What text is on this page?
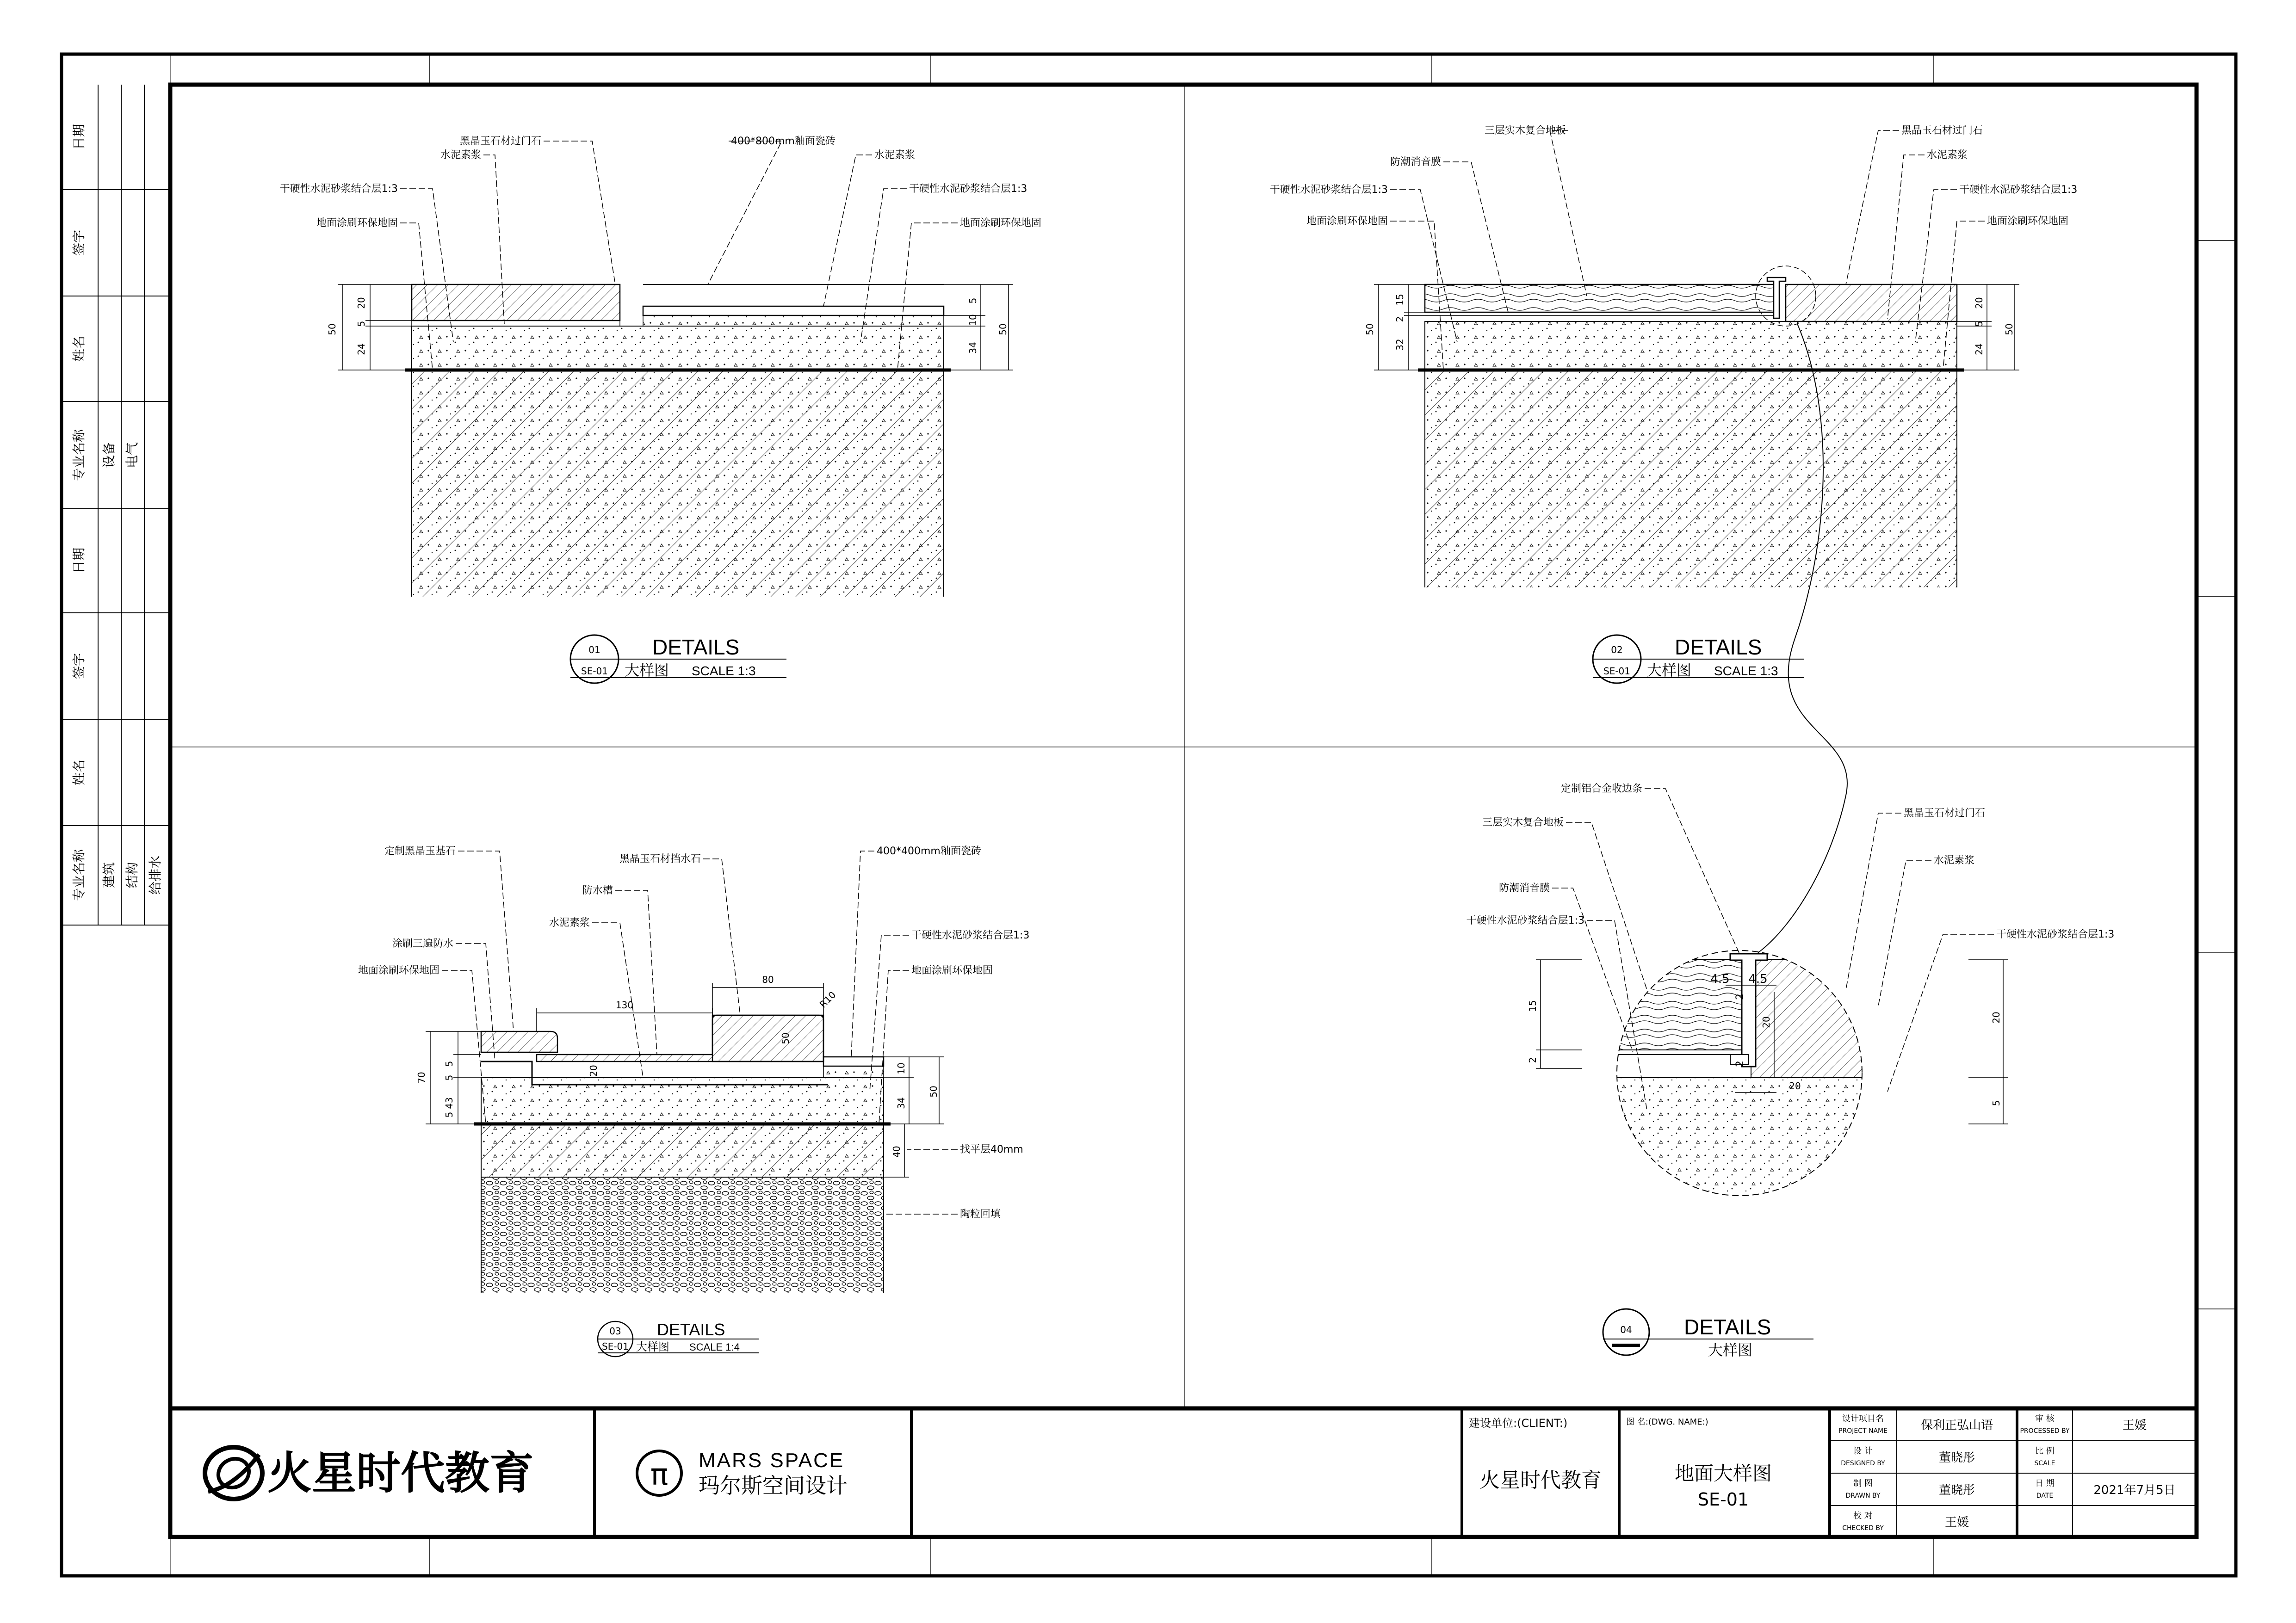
日期
签字
姓名
专业名称 设备 电气
日期
签字
姓名
专业名称 建筑 结构 给排水
50
20
5
24
5
10
34
50
黑晶玉石材过门石
水泥素浆
干硬性水泥砂浆结合层1:3
地面涂刷环保地固
400*800mm釉面瓷砖
水泥素浆
干硬性水泥砂浆结合层1:3
地面涂刷环保地固
01
SE-01
DETAILS
大样图 SCALE 1:3
50
15
2
32
20
5
24
50
三层实木复合地板
防潮消音膜
干硬性水泥砂浆结合层1:3
地面涂刷环保地固
黑晶玉石材过门石
水泥素浆
干硬性水泥砂浆结合层1:3
地面涂刷环保地固
02
SE-01
DETAILS
大样图 SCALE 1:3
130
80
R10
50
20
70
5
43
5
10
34
50
40
5
定制黑晶玉基石
黑晶玉石材挡水石
400*400mm釉面瓷砖
防水槽
水泥素浆
涂刷三遍防水
干硬性水泥砂浆结合层1:3
地面涂刷环保地固	地面涂刷环保地固
找平层40mm
陶粒回填
03
SE-01
DETAILS
大样图 SCALE 1:4
4.5 4.5
2
2
15
2
20
20
20
5
定制铝合金收边条
三层实木复合地板
防潮消音膜
干硬性水泥砂浆结合层1:3
黑晶玉石材过门石
水泥素浆
干硬性水泥砂浆结合层1:3
04 DETAILS
大样图
火星时代教育	π MARS SPACE
玛尔斯空间设计
建设单位:(CLIENT:)
火星时代教育
图 名:(DWG. NAME:)
地面大样图
SE-01
设计项目名
PROJECT NAME	保利正弘山语
设 计
DESIGNED BY	董晓彤
制 图
DRAWN BY	董晓彤
校 对
CHECKED BY	王媛
审 核
PROCESSED BY	王媛
比 例
SCALE
日 期
DATE	2021年7月5日
